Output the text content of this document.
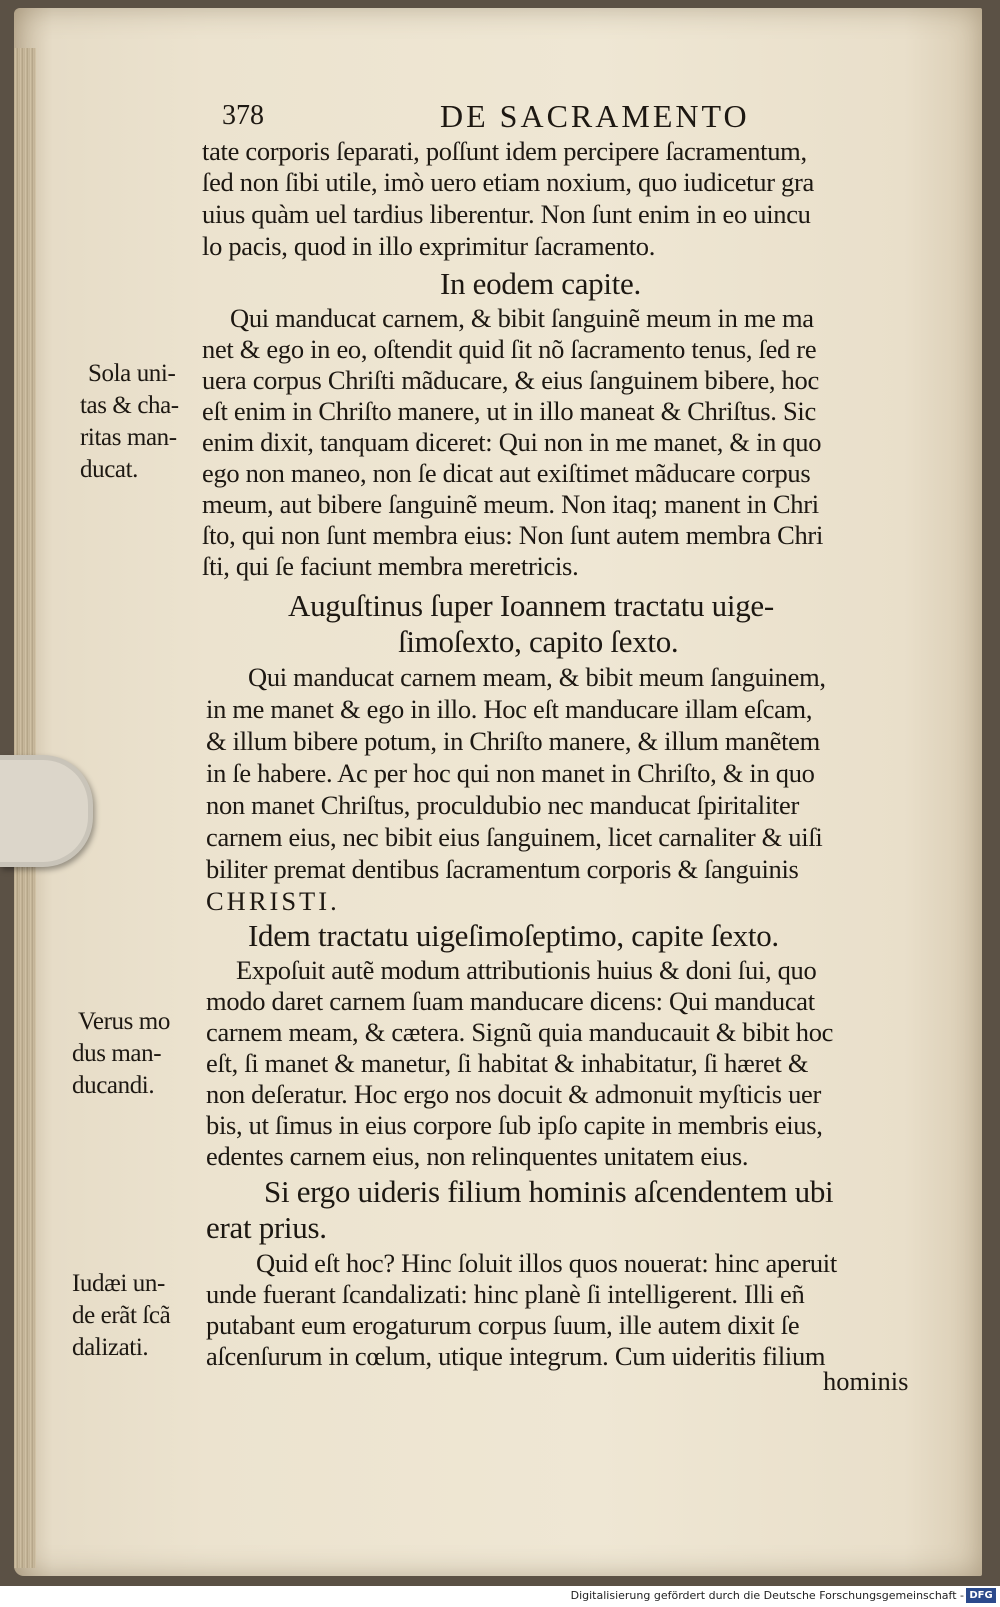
378	DE SACRAMENTO
tate corporis ſeparati, poſſunt idem percipere ſacramentum,
ſed non ſibi utile, imò uero etiam noxium, quo iudicetur gra
uius quàm uel tardius liberentur. Non ſunt enim in eo uincu
lo pacis, quod in illo exprimitur ſacramento.
In eodem capite.
Qui manducat carnem, & bibit ſanguinẽ meum in me ma
net & ego in eo, oſtendit quid ſit nõ ſacramento tenus, ſed re
uera corpus Chriſti mãducare, & eius ſanguinem bibere, hoc
eſt enim in Chriſto manere, ut in illo maneat & Chriſtus. Sic
enim dixit, tanquam diceret: Qui non in me manet, & in quo
ego non maneo, non ſe dicat aut exiſtimet mãducare corpus
meum, aut bibere ſanguinẽ meum. Non itaq; manent in Chri
ſto, qui non ſunt membra eius: Non ſunt autem membra Chri
ſti, qui ſe faciunt membra meretricis.
Auguſtinus ſuper Ioannem tractatu uige-
ſimoſexto, capito ſexto.
Qui manducat carnem meam, & bibit meum ſanguinem,
in me manet & ego in illo. Hoc eſt manducare illam eſcam,
& illum bibere potum, in Chriſto manere, & illum manẽtem
in ſe habere. Ac per hoc qui non manet in Chriſto, & in quo
non manet Chriſtus, proculdubio nec manducat ſpiritaliter
carnem eius, nec bibit eius ſanguinem, licet carnaliter & uiſi
biliter premat dentibus ſacramentum corporis & ſanguinis
CHRISTI.
Idem tractatu uigeſimoſeptimo, capite ſexto.
Expoſuit autẽ modum attributionis huius & doni ſui, quo
modo daret carnem ſuam manducare dicens: Qui manducat
carnem meam, & cætera. Signũ quia manducauit & bibit hoc
eſt, ſi manet & manetur, ſi habitat & inhabitatur, ſi hæret &
non deſeratur. Hoc ergo nos docuit & admonuit myſticis uer
bis, ut ſimus in eius corpore ſub ipſo capite in membris eius,
edentes carnem eius, non relinquentes unitatem eius.
Si ergo uideris filium hominis aſcendentem ubi
erat prius.
Quid eſt hoc? Hinc ſoluit illos quos nouerat: hinc aperuit
unde fuerant ſcandalizati: hinc planè ſi intelligerent. Illi eñ
putabant eum erogaturum corpus ſuum, ille autem dixit ſe
aſcenſurum in cœlum, utique integrum. Cum uideritis filium
hominis
Sola uni-
tas & cha-
ritas man-
ducat.
Verus mo
dus man-
ducandi.
Iudæi un-
de erãt ſcã
dalizati.
Digitalisierung gefördert durch die Deutsche Forschungsgemeinschaft - DFG
